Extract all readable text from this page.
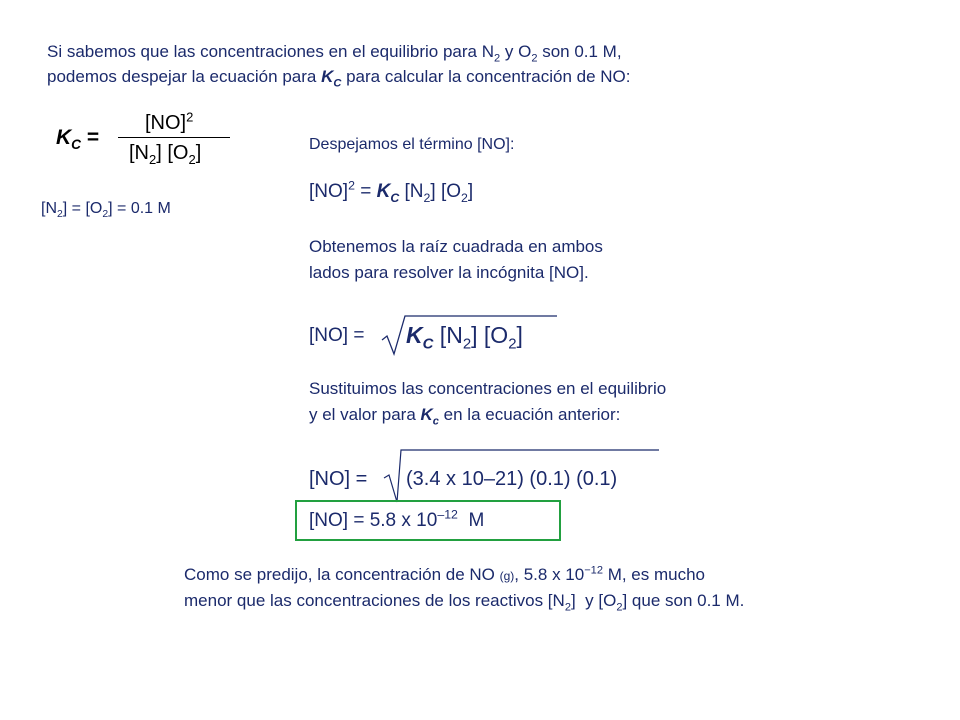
Si sabemos que las concentraciones en el equilibrio para $N_2$ y $O_2$ son 0.1 M,
podemos despejar la ecuación para $K_C$ para calcular la concentración de NO:
$K_C$ =
[NO]$^2$
$[N_2]$ $[O_2]$
$[N_2] = [O_2] = 0.1$ M
Despejamos el término [NO]:
$[NO]^2 = K_C$ $[N_2]$ $[O_2]$
Obtenemos la raíz cuadrada en ambos
lados para resolver la incógnita [NO].
$[NO] = K_C$ $[N_2]$ $[O_2]$
Sustituimos las concentraciones en el equilibrio
y el valor para $K_c$ en la ecuación anterior:
[NO] = (3.4 x 10–21) (0.1) (0.1)
[NO] = 5.8 x $10^{-12}$  M
Como se predijo, la concentración de NO (g), 5.8 x $10^{-12}$ M, es mucho
menor que las concentraciones de los reactivos $[N_2]$  y $[O_2]$ que son 0.1 M.
